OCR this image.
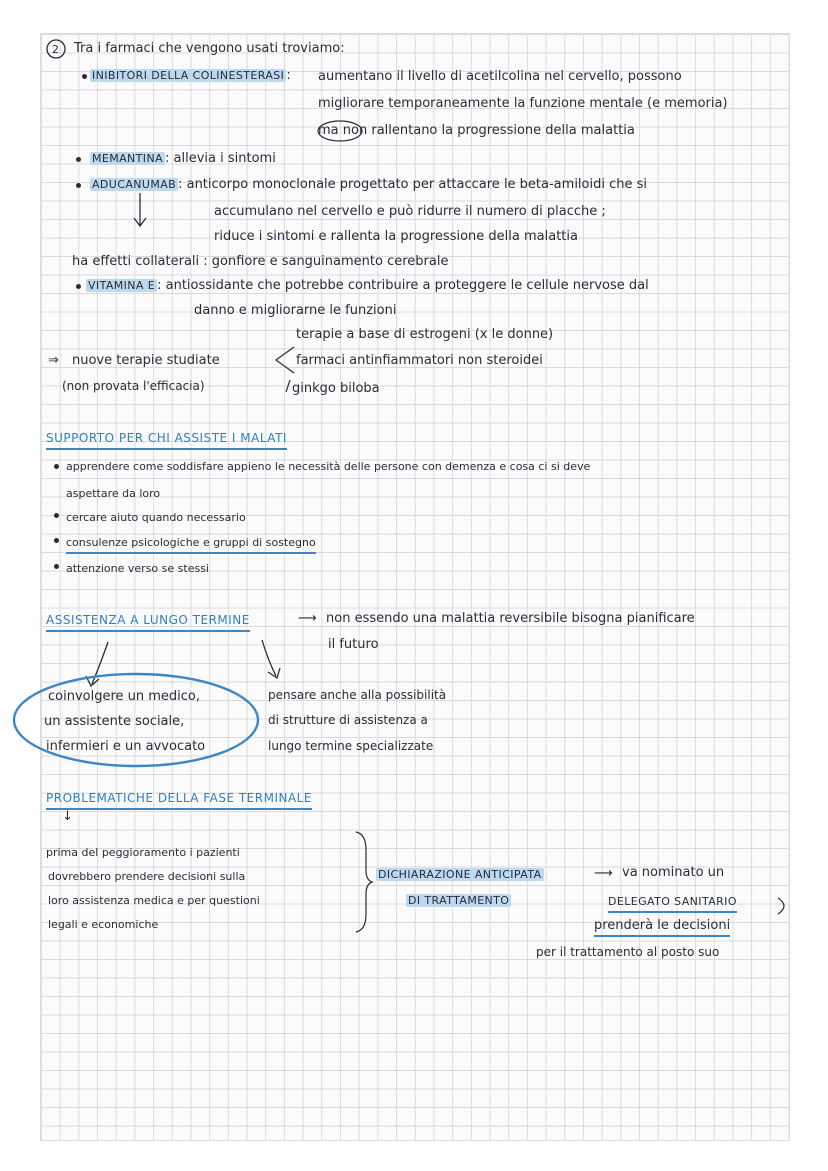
2 Tra i farmaci che vengono usati troviamo:
INIBITORI DELLA COLINESTERASI : aumentano il livello di acetilcolina nel cervello, possono
migliorare temporaneamente la funzione mentale (e memoria)
ma non rallentano la progressione della malattia
MEMANTINA : allevia i sintomi
ADUCANUMAB : anticorpo monoclonale progettato per attaccare le beta-amiloidi che si
accumulano nel cervello e può ridurre il numero di placche ;
riduce i sintomi e rallenta la progressione della malattia
ha effetti collaterali : gonfiore e sanguinamento cerebrale
VITAMINA E : antiossidante che potrebbe contribuire a proteggere le cellule nervose dal
danno e migliorarne le funzioni
⇒ nuove terapie studiate
(non provata l'efficacia)
terapie a base di estrogeni (x le donne)
farmaci antinfiammatori non steroidei
ginkgo biloba
SUPPORTO PER CHI ASSISTE I MALATI
apprendere come soddisfare appieno le necessità delle persone con demenza e cosa ci si deve
aspettare da loro
cercare aiuto quando necessario
consulenze psicologiche e gruppi di sostegno
attenzione verso se stessi
ASSISTENZA A LUNGO TERMINE	⟶ non essendo una malattia reversibile bisogna pianificare
il futuro
coinvolgere un medico,
un assistente sociale,
infermieri e un avvocato
pensare anche alla possibilità
di strutture di assistenza a
lungo termine specializzate
PROBLEMATICHE DELLA FASE TERMINALE
↓
prima del peggioramento i pazienti
dovrebbero prendere decisioni sulla
loro assistenza medica e per questioni
legali e economiche
DICHIARAZIONE ANTICIPATA
DI TRATTAMENTO
⟶ va nominato un
DELEGATO SANITARIO
prenderà le decisioni
per il trattamento al posto suo
